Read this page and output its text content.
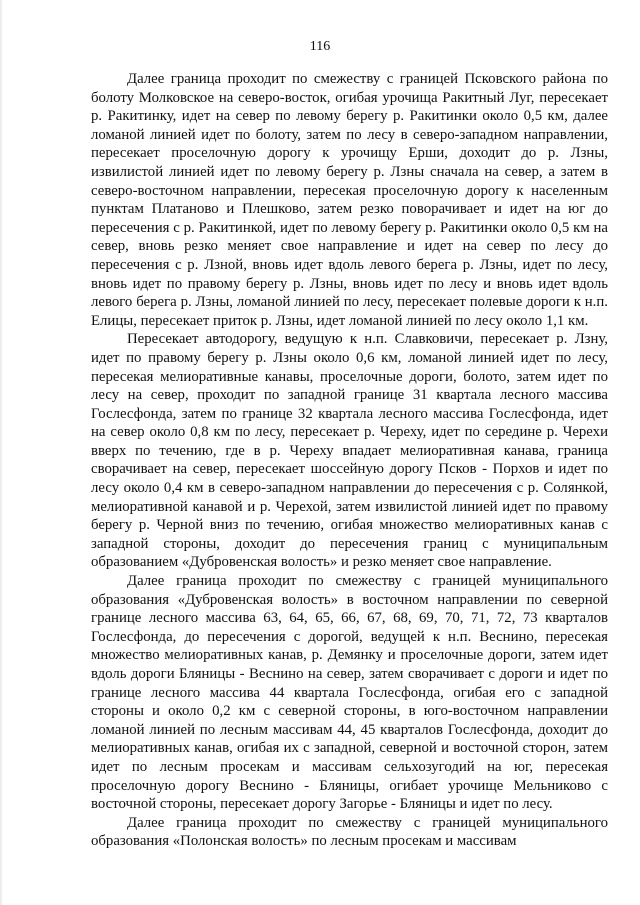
116

Далее граница проходит по смежеству с границей Псковского района по болоту Молковское на северо-восток, огибая урочища Ракитный Луг, пересекает р. Ракитинку, идет на север по левому берегу р. Ракитинки около 0,5 км, далее ломаной линией идет по болоту, затем по лесу в северо-западном направлении, пересекает проселочную дорогу к урочищу Ерши, доходит до р. Лзны, извилистой линией идет по левому берегу р. Лзны сначала на север, а затем в северо-восточном направлении, пересекая проселочную дорогу к населенным пунктам Платаново и Плешково, затем резко поворачивает и идет на юг до пересечения с р. Ракитинкой, идет по левому берегу р. Ракитинки около 0,5 км на север, вновь резко меняет свое направление и идет на север по лесу до пересечения с р. Лзной, вновь идет вдоль левого берега р. Лзны, идет по лесу, вновь идет по правому берегу р. Лзны, вновь идет по лесу и вновь идет вдоль левого берега р. Лзны, ломаной линией по лесу, пересекает полевые дороги к н.п. Елицы, пересекает приток р. Лзны, идет ломаной линией по лесу около 1,1 км.

Пересекает автодорогу, ведущую к н.п. Славковичи, пересекает р. Лзну, идет по правому берегу р. Лзны около 0,6 км, ломаной линией идет по лесу, пересекая мелиоративные канавы, проселочные дороги, болото, затем идет по лесу на север, проходит по западной границе 31 квартала лесного массива Гослесфонда, затем по границе 32 квартала лесного массива Гослесфонда, идет на север около 0,8 км по лесу, пересекает р. Череху, идет по середине р. Черехи вверх по течению, где в р. Череху впадает мелиоративная канава, граница сворачивает на север, пересекает шоссейную дорогу Псков - Порхов и идет по лесу около 0,4 км в северо-западном направлении до пересечения с р. Солянкой, мелиоративной канавой и р. Черехой, затем извилистой линией идет по правому берегу р. Черной вниз по течению, огибая множество мелиоративных канав с западной стороны, доходит до пересечения границ с муниципальным образованием «Дубровенская волость» и резко меняет свое направление.

Далее граница проходит по смежеству с границей муниципального образования «Дубровенская волость» в восточном направлении по северной границе лесного массива 63, 64, 65, 66, 67, 68, 69, 70, 71, 72, 73 кварталов Гослесфонда, до пересечения с дорогой, ведущей к н.п. Веснино, пересекая множество мелиоративных канав, р. Демянку и проселочные дороги, затем идет вдоль дороги Бляницы - Веснино на север, затем сворачивает с дороги и идет по границе лесного массива 44 квартала Гослесфонда, огибая его с западной стороны и около 0,2 км с северной стороны, в юго-восточном направлении ломаной линией по лесным массивам 44, 45 кварталов Гослесфонда, доходит до мелиоративных канав, огибая их с западной, северной и восточной сторон, затем идет по лесным просекам и массивам сельхозугодий на юг, пересекая проселочную дорогу Веснино - Бляницы, огибает урочище Мельниково с восточной стороны, пересекает дорогу Загорье - Бляницы и идет по лесу.

Далее граница проходит по смежеству с границей муниципального образования «Полонская волость» по лесным просекам и массивам
